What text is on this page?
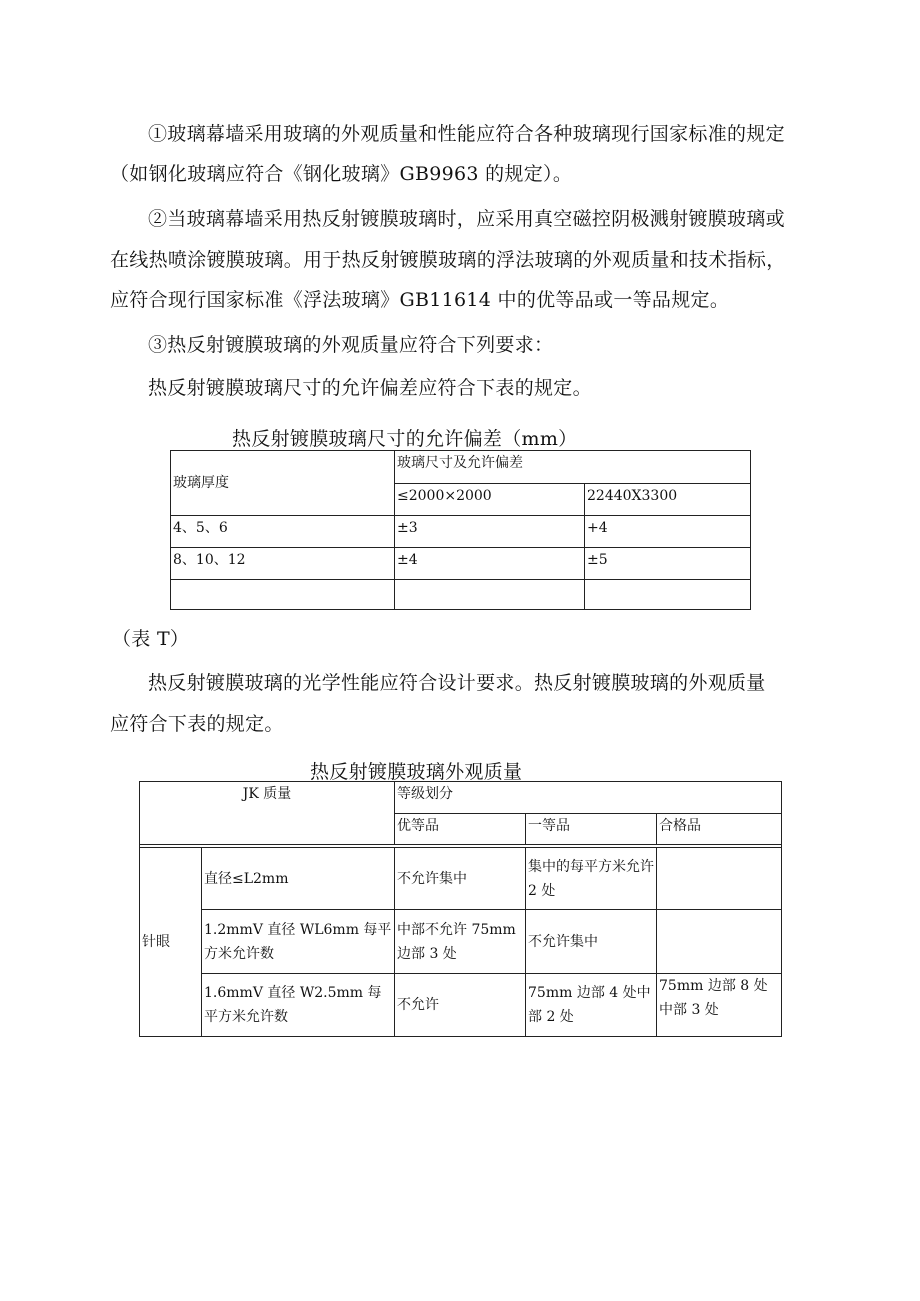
①玻璃幕墙采用玻璃的外观质量和性能应符合各种玻璃现行国家标准的规定
（如钢化玻璃应符合《钢化玻璃》GB9963 的规定）。
②当玻璃幕墙采用热反射镀膜玻璃时，应采用真空磁控阴极溅射镀膜玻璃或
在线热喷涂镀膜玻璃。用于热反射镀膜玻璃的浮法玻璃的外观质量和技术指标，
应符合现行国家标准《浮法玻璃》GB11614 中的优等品或一等品规定。
③热反射镀膜玻璃的外观质量应符合下列要求：
热反射镀膜玻璃尺寸的允许偏差应符合下表的规定。
热反射镀膜玻璃尺寸的允许偏差（mm）
玻璃厚度	玻璃尺寸及允许偏差	
	≤2000×2000	22440X3300
4、5、6	±3	+4
8、10、12	±4	±5

（表 T）
热反射镀膜玻璃的光学性能应符合设计要求。热反射镀膜玻璃的外观质量
应符合下表的规定。
热反射镀膜玻璃外观质量
JK 质量		等级划分		
		优等品	一等品	合格品

针眼	直径≤L2mm	不允许集中	集中的每平方米允许 2 处	
	1.2mmV 直径 WL6mm 每平方米允许数	中部不允许 75mm 边部 3 处	不允许集中	
	1.6mmV 直径 W2.5mm 每平方米允许数	不允许	75mm 边部 4 处中部 2 处	75mm 边部 8 处中部 3 处
